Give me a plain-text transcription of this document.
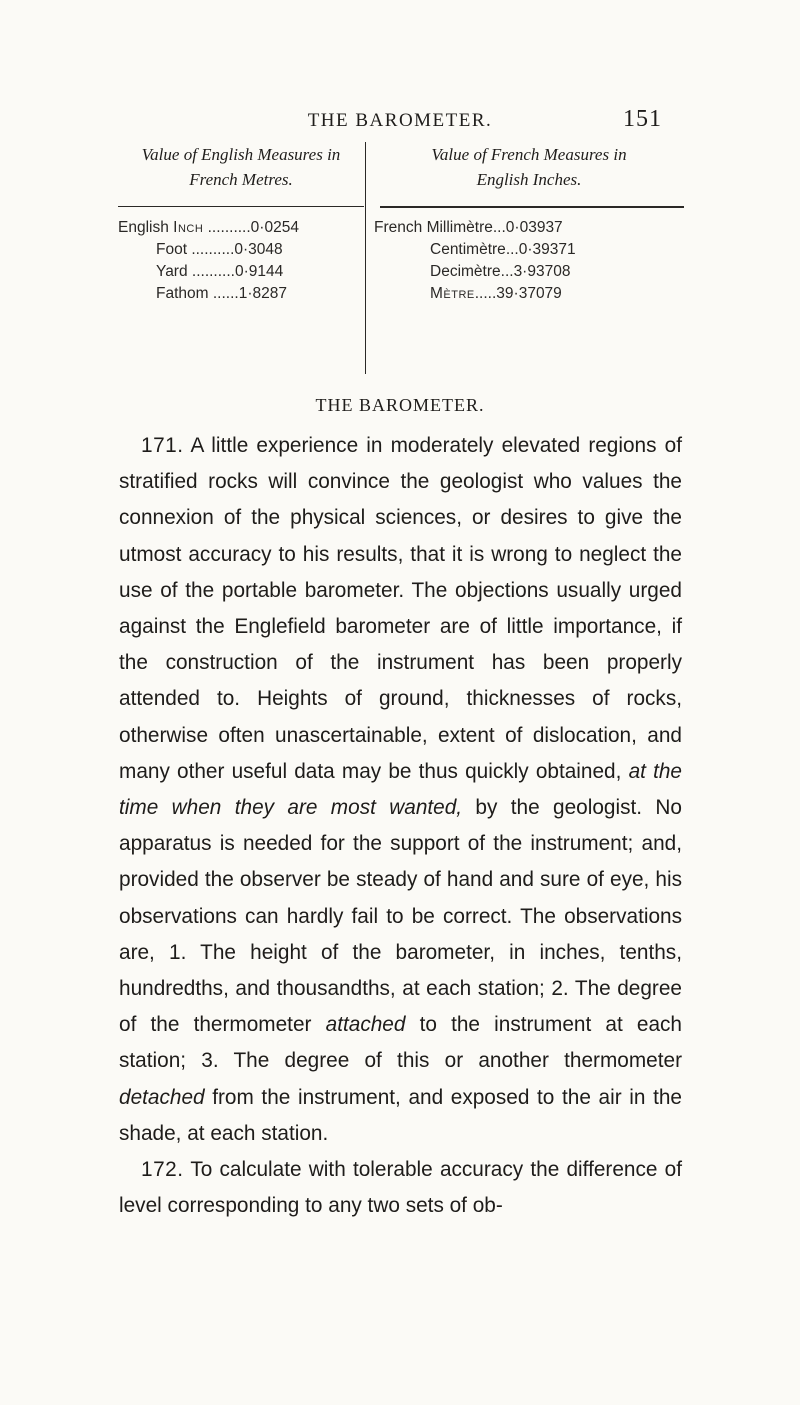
THE BAROMETER.	151
Value of English Measures in
French Metres.
English Inch ..........0·0254
Foot ..........0·3048
Yard ..........0·9144
Fathom ......1·8287
Value of French Measures in
English Inches.
French Millimètre...0·03937
Centimètre...0·39371
Decimètre...3·93708
Mètre.....39·37079
THE BAROMETER.

171. A little experience in moderately elevated regions of stratified rocks will convince the geologist who values the connexion of the physical sciences, or desires to give the utmost accuracy to his results, that it is wrong to neglect the use of the portable barometer. The objections usually urged against the Englefield barometer are of little importance, if the construction of the instrument has been properly attended to. Heights of ground, thicknesses of rocks, otherwise often unascertainable, extent of dislocation, and many other useful data may be thus quickly obtained, at the time when they are most wanted, by the geologist. No apparatus is needed for the support of the instrument; and, provided the observer be steady of hand and sure of eye, his observations can hardly fail to be correct. The observations are, 1. The height of the barometer, in inches, tenths, hundredths, and thousandths, at each station; 2. The degree of the thermometer attached to the instrument at each station; 3. The degree of this or another thermometer detached from the instrument, and exposed to the air in the shade, at each station.

172. To calculate with tolerable accuracy the difference of level corresponding to any two sets of ob-
